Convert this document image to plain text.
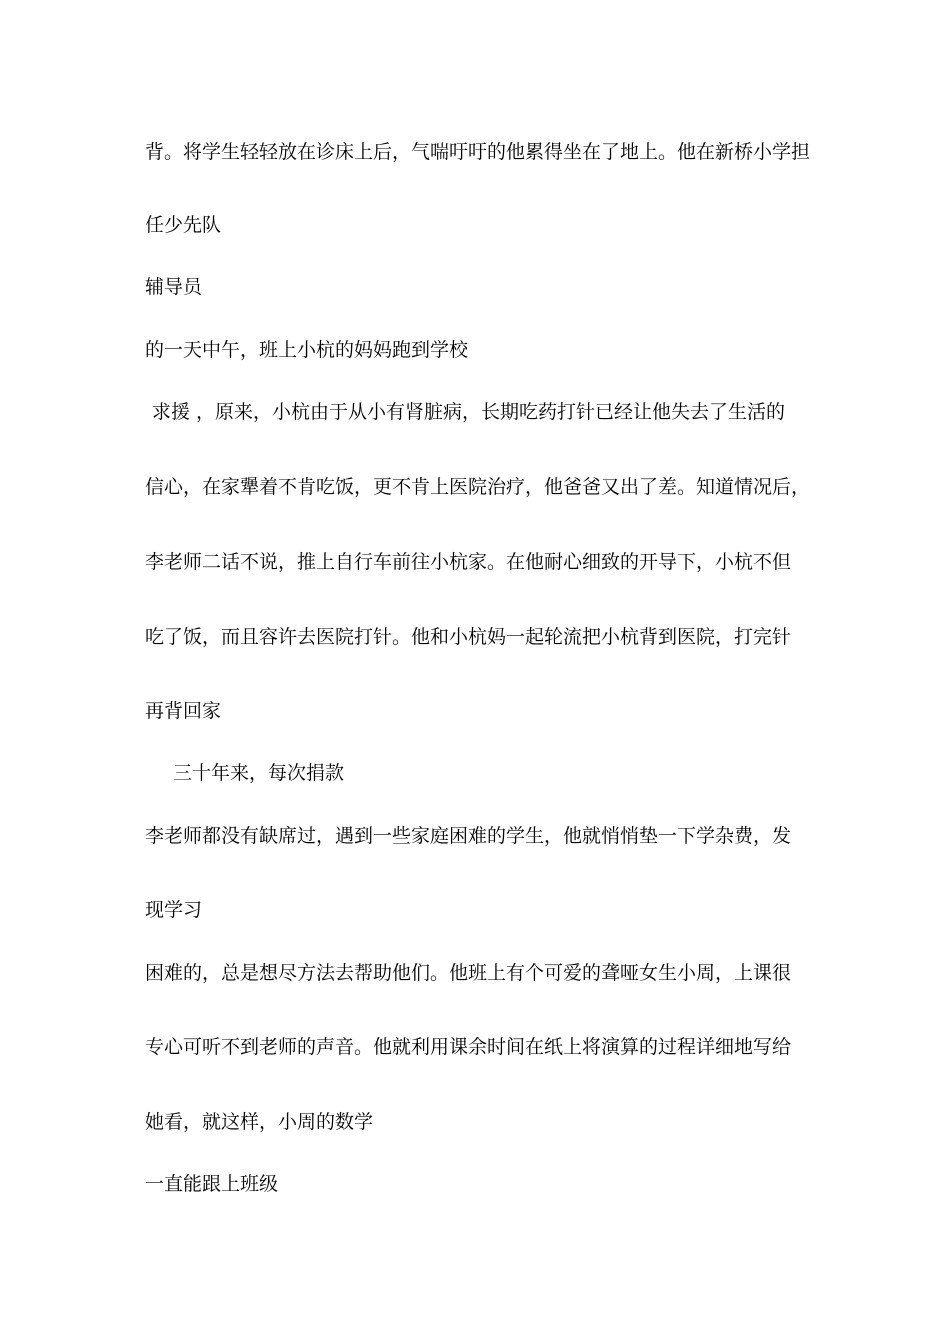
背。将学生轻轻放在诊床上后，气喘吁吁的他累得坐在了地上。他在新桥小学担
任少先队
辅导员
的一天中午，班上小杭的妈妈跑到学校
求援 ，原来，小杭由于从小有肾脏病，长期吃药打针已经让他失去了生活的
信心，在家犟着不肯吃饭，更不肯上医院治疗，他爸爸又出了差。知道情况后，
李老师二话不说，推上自行车前往小杭家。在他耐心细致的开导下，小杭不但
吃了饭，而且容许去医院打针。他和小杭妈一起轮流把小杭背到医院，打完针
再背回家
三十年来，每次捐款
李老师都没有缺席过，遇到一些家庭困难的学生，他就悄悄垫一下学杂费，发
现学习
困难的，总是想尽方法去帮助他们。他班上有个可爱的聋哑女生小周，上课很
专心可听不到老师的声音。他就利用课余时间在纸上将演算的过程详细地写给
她看，就这样，小周的数学
一直能跟上班级
